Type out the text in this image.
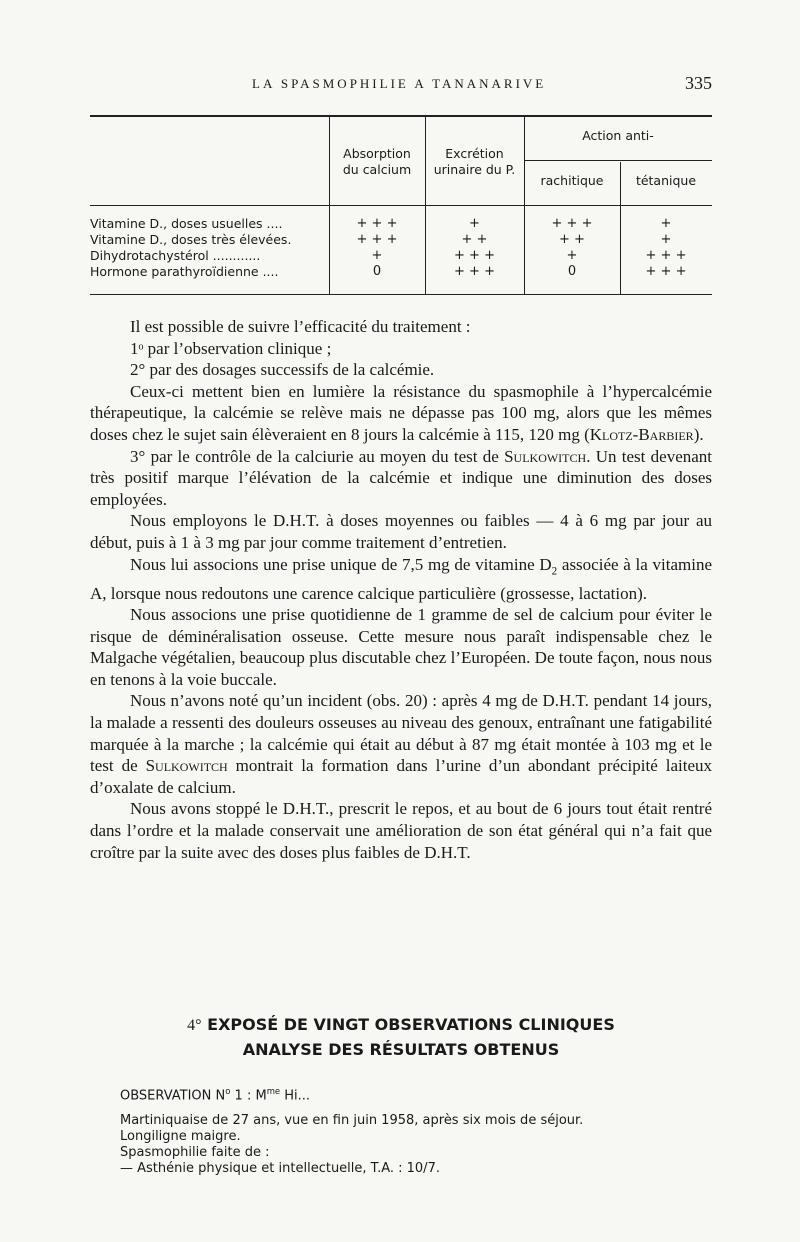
LA SPASMOPHILIE A TANANARIVE	335
Absorption
du calcium
Excrétion
urinaire du P.
Action anti-
rachitique	tétanique
Vitamine D., doses usuelles ....	+ + +	+	+ + +	+
Vitamine D., doses très élevées.	+ + +	+ +	+ +	+
Dihydrotachystérol ............	+	+ + +	+	+ + +
Hormone parathyroïdienne ....	0	+ + +	0	+ + +

Il est possible de suivre l’efficacité du traitement :

1ᵒ par l’observation clinique ;

2° par des dosages successifs de la calcémie.

Ceux-ci mettent bien en lumière la résistance du spasmophile à l’hypercalcémie thérapeutique, la calcémie se relève mais ne dépasse pas 100 mg, alors que les mêmes doses chez le sujet sain élèveraient en 8 jours la calcémie à 115, 120 mg (Klotz-Barbier).

3° par le contrôle de la calciurie au moyen du test de Sulkowitch. Un test devenant très positif marque l’élévation de la calcémie et indique une diminution des doses employées.

Nous employons le D.H.T. à doses moyennes ou faibles — 4 à 6 mg par jour au début, puis à 1 à 3 mg par jour comme traitement d’entretien.

Nous lui associons une prise unique de 7,5 mg de vitamine $D_2$ associée à la vitamine A, lorsque nous redoutons une carence calcique particulière (grossesse, lactation).

Nous associons une prise quotidienne de 1 gramme de sel de calcium pour éviter le risque de déminéralisation osseuse. Cette mesure nous paraît indispensable chez le Malgache végétalien, beaucoup plus discutable chez l’Européen. De toute façon, nous nous en tenons à la voie buccale.

Nous n’avons noté qu’un incident (obs. 20) : après 4 mg de D.H.T. pendant 14 jours, la malade a ressenti des douleurs osseuses au niveau des genoux, entraînant une fatigabilité marquée à la marche ; la calcémie qui était au début à 87 mg était montée à 103 mg et le test de Sulkowitch montrait la formation dans l’urine d’un abondant précipité laiteux d’oxalate de calcium.

Nous avons stoppé le D.H.T., prescrit le repos, et au bout de 6 jours tout était rentré dans l’ordre et la malade conservait une amélioration de son état général qui n’a fait que croître par la suite avec des doses plus faibles de D.H.T.

4° EXPOSÉ DE VINGT OBSERVATIONS CLINIQUES
ANALYSE DES RÉSULTATS OBTENUS
OBSERVATION $N^o$ 1 : $M^{me}$ Hi...
Martiniquaise de 27 ans, vue en fin juin 1958, après six mois de séjour.
Longiligne maigre.
Spasmophilie faite de :
— Asthénie physique et intellectuelle, T.A. : 10/7.
